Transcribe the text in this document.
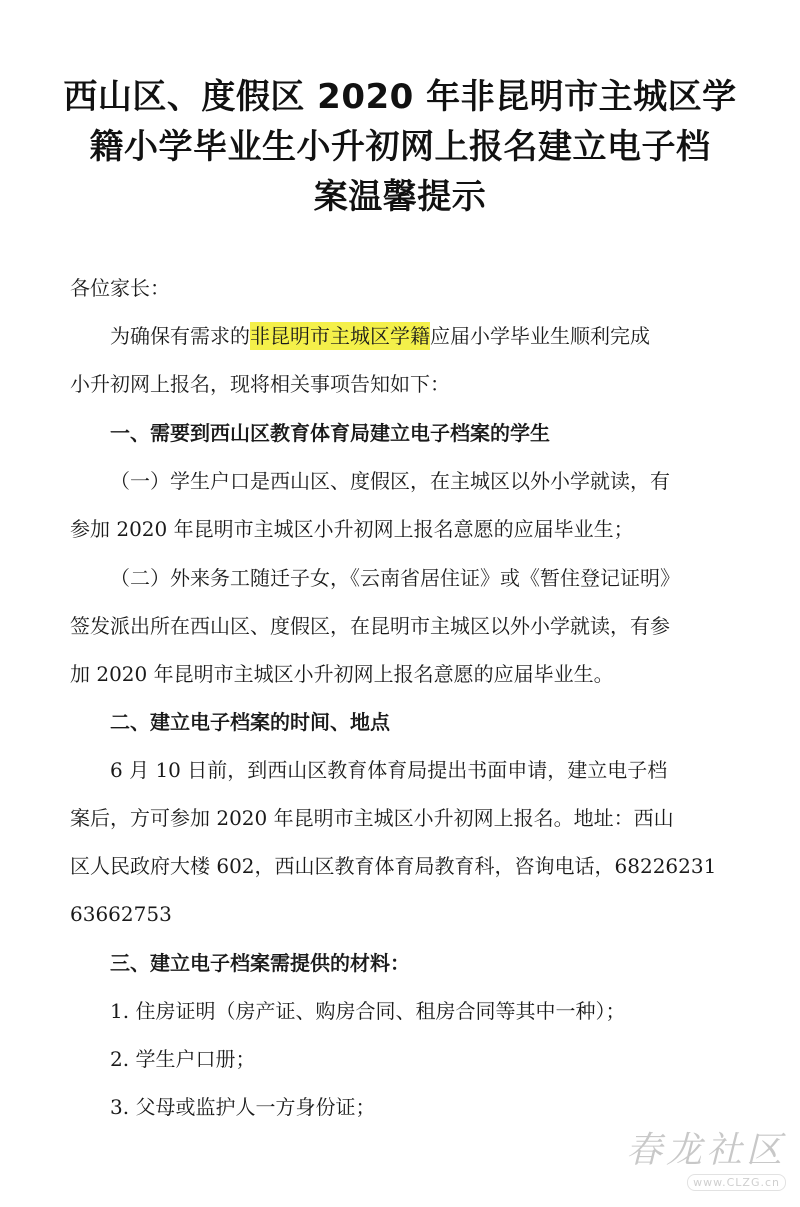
西山区、度假区 2020 年非昆明市主城区学
籍小学毕业生小升初网上报名建立电子档
案温馨提示
各位家长：
为确保有需求的非昆明市主城区学籍应届小学毕业生顺利完成
小升初网上报名，现将相关事项告知如下：
一、需要到西山区教育体育局建立电子档案的学生
（一）学生户口是西山区、度假区，在主城区以外小学就读，有
参加 2020 年昆明市主城区小升初网上报名意愿的应届毕业生；
（二）外来务工随迁子女，《云南省居住证》或《暂住登记证明》
签发派出所在西山区、度假区，在昆明市主城区以外小学就读，有参
加 2020 年昆明市主城区小升初网上报名意愿的应届毕业生。
二、建立电子档案的时间、地点
6 月 10 日前，到西山区教育体育局提出书面申请，建立电子档
案后，方可参加 2020 年昆明市主城区小升初网上报名。地址：西山
区人民政府大楼 602，西山区教育体育局教育科，咨询电话，68226231
63662753
三、建立电子档案需提供的材料：
1. 住房证明（房产证、购房合同、租房合同等其中一种）；
2. 学生户口册；
3. 父母或监护人一方身份证；
春龙社区
www.CLZG.cn
